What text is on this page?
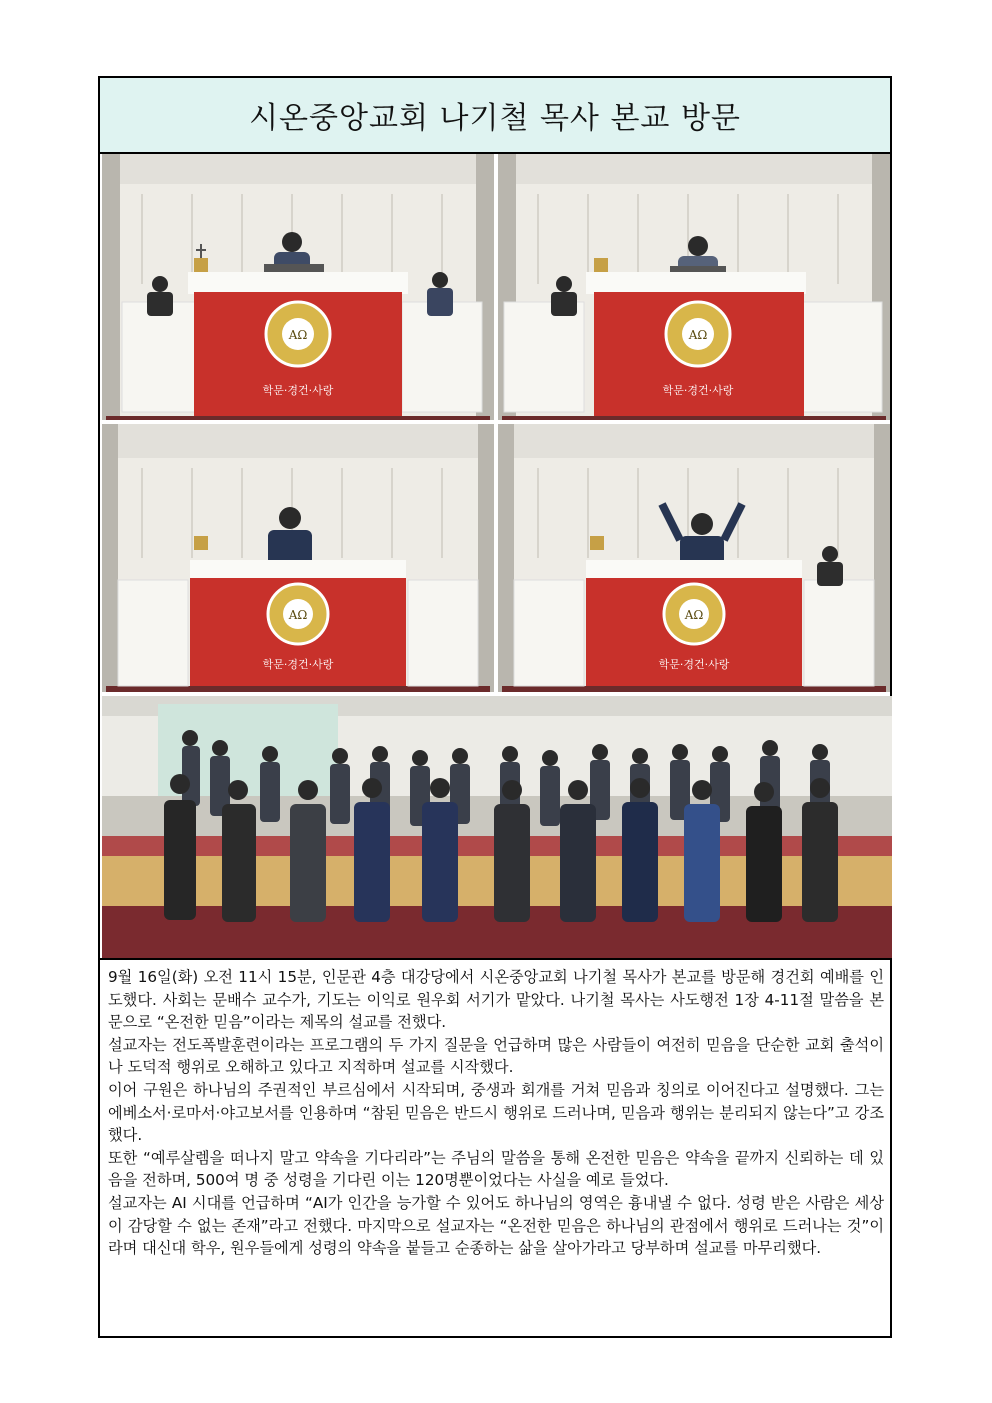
시온중앙교회 나기철 목사 본교 방문
AΩ
학문·경건·사랑
AΩ
학문·경건·사랑
AΩ
학문·경건·사랑
AΩ
학문·경건·사랑

9월 16일(화) 오전 11시 15분, 인문관 4층 대강당에서 시온중앙교회 나기철 목사가 본교를 방문해 경건회 예배를 인도했다. 사회는 문배수 교수가, 기도는 이익로 원우회 서기가 맡았다. 나기철 목사는 사도행전 1장 4-11절 말씀을 본문으로 “온전한 믿음”이라는 제목의 설교를 전했다.

설교자는 전도폭발훈련이라는 프로그램의 두 가지 질문을 언급하며 많은 사람들이 여전히 믿음을 단순한 교회 출석이나 도덕적 행위로 오해하고 있다고 지적하며 설교를 시작했다.

이어 구원은 하나님의 주권적인 부르심에서 시작되며, 중생과 회개를 거쳐 믿음과 칭의로 이어진다고 설명했다. 그는 에베소서·로마서·야고보서를 인용하며 “참된 믿음은 반드시 행위로 드러나며, 믿음과 행위는 분리되지 않는다”고 강조했다.

또한 “예루살렘을 떠나지 말고 약속을 기다리라”는 주님의 말씀을 통해 온전한 믿음은 약속을 끝까지 신뢰하는 데 있음을 전하며, 500여 명 중 성령을 기다린 이는 120명뿐이었다는 사실을 예로 들었다.

설교자는 AI 시대를 언급하며 “AI가 인간을 능가할 수 있어도 하나님의 영역은 흉내낼 수 없다. 성령 받은 사람은 세상이 감당할 수 없는 존재”라고 전했다. 마지막으로 설교자는 “온전한 믿음은 하나님의 관점에서 행위로 드러나는 것”이라며 대신대 학우, 원우들에게 성령의 약속을 붙들고 순종하는 삶을 살아가라고 당부하며 설교를 마무리했다.
